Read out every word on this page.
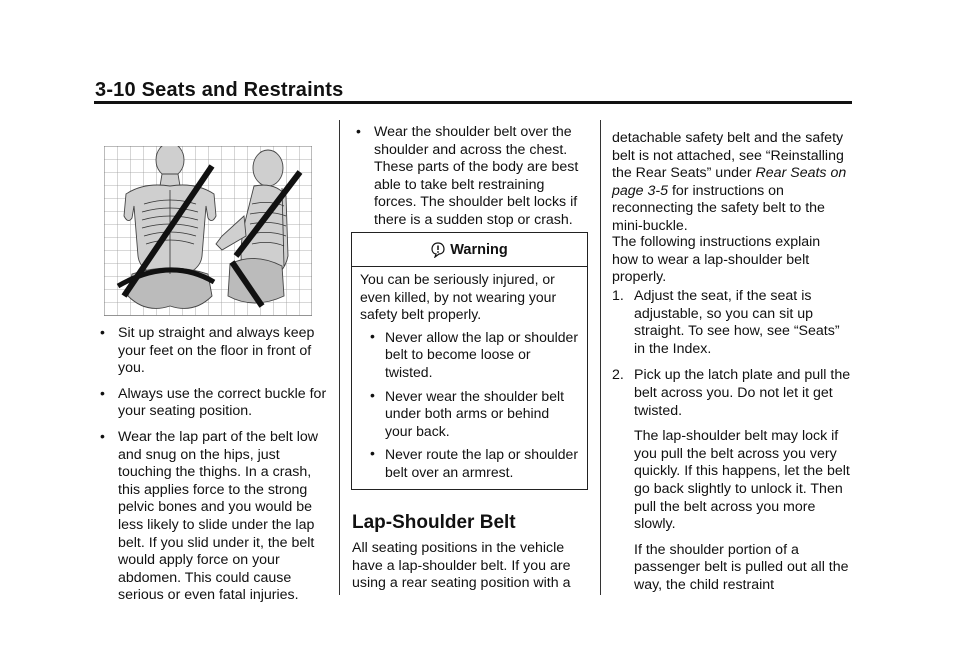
3-10 Seats and Restraints
• Sit up straight and always keep your feet on the floor in front of you.
• Always use the correct buckle for your seating position.
• Wear the lap part of the belt low and snug on the hips, just touching the thighs. In a crash, this applies force to the strong pelvic bones and you would be less likely to slide under the lap belt. If you slid under it, the belt would apply force on your abdomen. This could cause serious or even fatal injuries.
• Wear the shoulder belt over the shoulder and across the chest. These parts of the body are best able to take belt restraining forces. The shoulder belt locks if there is a sudden stop or crash.
Warning

You can be seriously injured, or even killed, by not wearing your safety belt properly.

• Never allow the lap or shoulder belt to become loose or twisted.
• Never wear the shoulder belt under both arms or behind your back.
• Never route the lap or shoulder belt over an armrest.
Lap-Shoulder Belt

All seating positions in the vehicle have a lap-shoulder belt. If you are using a rear seating position with a

detachable safety belt and the safety belt is not attached, see “Reinstalling the Rear Seats” under Rear Seats on page 3-5 for instructions on reconnecting the safety belt to the mini-buckle.

The following instructions explain how to wear a lap-shoulder belt properly.

1. Adjust the seat, if the seat is adjustable, so you can sit up straight. To see how, see “Seats” in the Index.
2. Pick up the latch plate and pull the belt across you. Do not let it get twisted.

The lap-shoulder belt may lock if you pull the belt across you very quickly. If this happens, let the belt go back slightly to unlock it. Then pull the belt across you more slowly.

If the shoulder portion of a passenger belt is pulled out all the way, the child restraint
